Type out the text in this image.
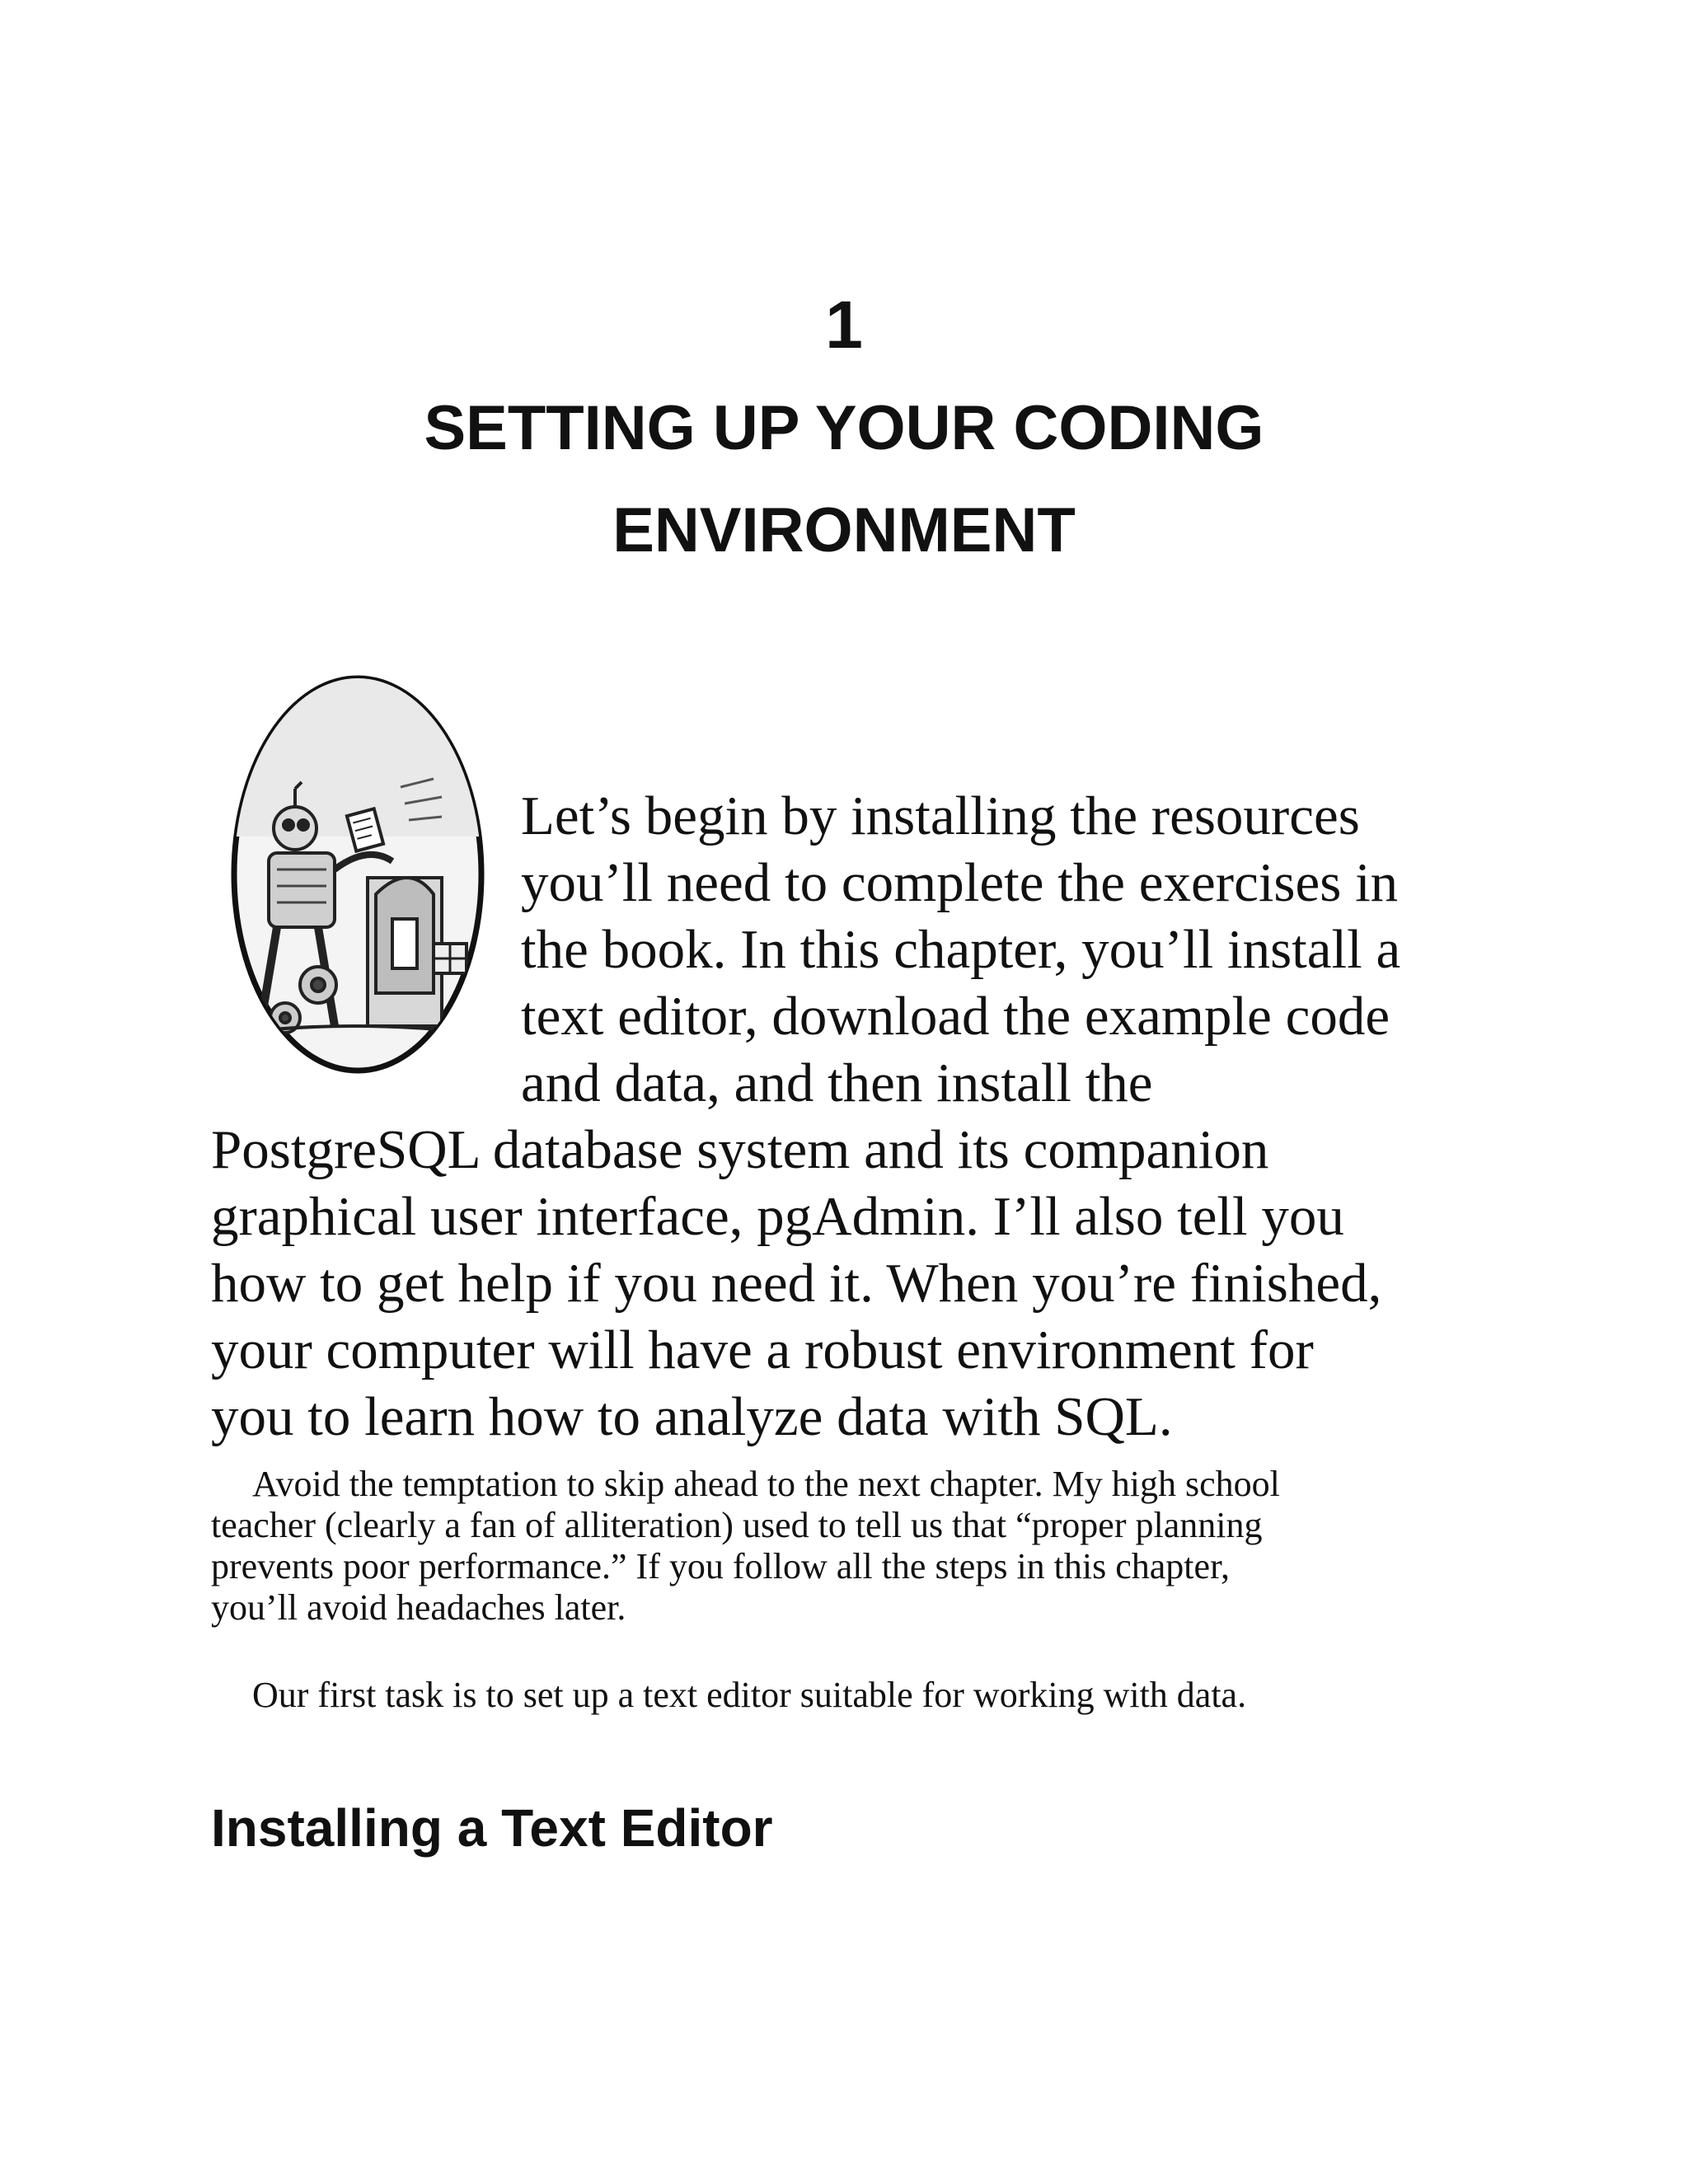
1
SETTING UP YOUR CODING
ENVIRONMENT
Let’s begin by installing the resources
you’ll need to complete the exercises in
the book. In this chapter, you’ll install a
text editor, download the example code
and data, and then install the
PostgreSQL database system and its companion
graphical user interface, pgAdmin. I’ll also tell you
how to get help if you need it. When you’re finished,
your computer will have a robust environment for
you to learn how to analyze data with SQL.

Avoid the temptation to skip ahead to the next chapter. My high school
teacher (clearly a fan of alliteration) used to tell us that “proper planning
prevents poor performance.” If you follow all the steps in this chapter,
you’ll avoid headaches later.

Our first task is to set up a text editor suitable for working with data.

Installing a Text Editor
